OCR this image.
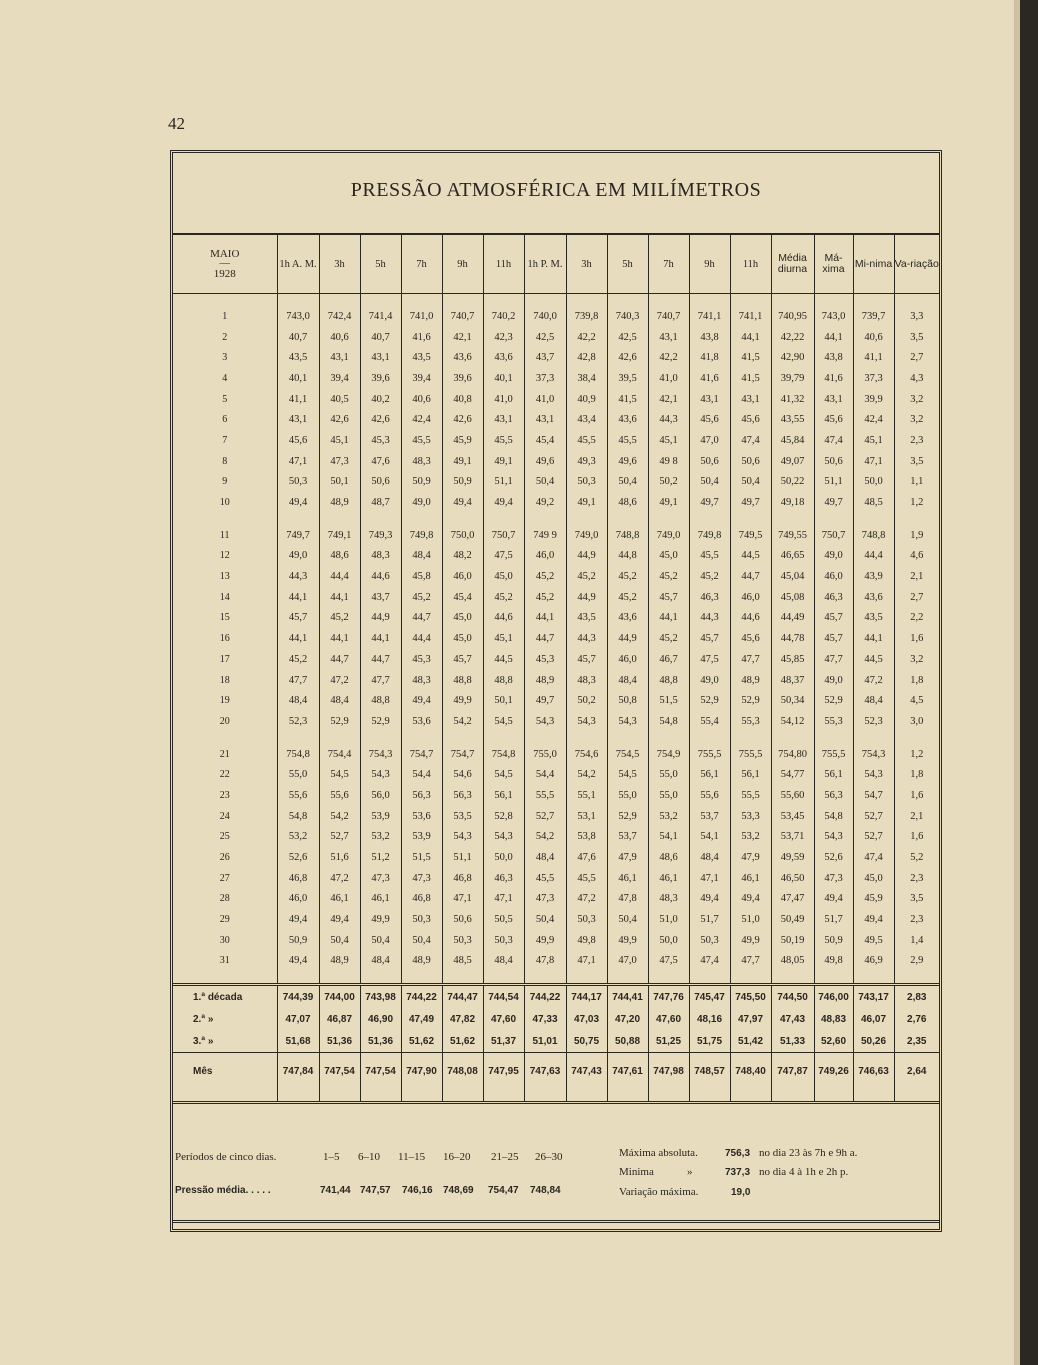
42
PRESSÃO ATMOSFÉRICA EM MILÍMETROS
MAIO
—
1928	1h A. M.	3h	5h	7h	9h	11h	1h P. M.	3h	5h	7h	9h	11h	Média diurna	Má-xima	Mi-nima	Va-riação

1	743,0	742,4	741,4	741,0	740,7	740,2	740,0	739,8	740,3	740,7	741,1	741,1	740,95	743,0	739,7	3,3
2	40,7	40,6	40,7	41,6	42,1	42,3	42,5	42,2	42,5	43,1	43,8	44,1	42,22	44,1	40,6	3,5
3	43,5	43,1	43,1	43,5	43,6	43,6	43,7	42,8	42,6	42,2	41,8	41,5	42,90	43,8	41,1	2,7
4	40,1	39,4	39,6	39,4	39,6	40,1	37,3	38,4	39,5	41,0	41,6	41,5	39,79	41,6	37,3	4,3
5	41,1	40,5	40,2	40,6	40,8	41,0	41,0	40,9	41,5	42,1	43,1	43,1	41,32	43,1	39,9	3,2
6	43,1	42,6	42,6	42,4	42,6	43,1	43,1	43,4	43,6	44,3	45,6	45,6	43,55	45,6	42,4	3,2
7	45,6	45,1	45,3	45,5	45,9	45,5	45,4	45,5	45,5	45,1	47,0	47,4	45,84	47,4	45,1	2,3
8	47,1	47,3	47,6	48,3	49,1	49,1	49,6	49,3	49,6	49 8	50,6	50,6	49,07	50,6	47,1	3,5
9	50,3	50,1	50,6	50,9	50,9	51,1	50,4	50,3	50,4	50,2	50,4	50,4	50,22	51,1	50,0	1,1
10	49,4	48,9	48,7	49,0	49,4	49,4	49,2	49,1	48,6	49,1	49,7	49,7	49,18	49,7	48,5	1,2

11	749,7	749,1	749,3	749,8	750,0	750,7	749 9	749,0	748,8	749,0	749,8	749,5	749,55	750,7	748,8	1,9
12	49,0	48,6	48,3	48,4	48,2	47,5	46,0	44,9	44,8	45,0	45,5	44,5	46,65	49,0	44,4	4,6
13	44,3	44,4	44,6	45,8	46,0	45,0	45,2	45,2	45,2	45,2	45,2	44,7	45,04	46,0	43,9	2,1
14	44,1	44,1	43,7	45,2	45,4	45,2	45,2	44,9	45,2	45,7	46,3	46,0	45,08	46,3	43,6	2,7
15	45,7	45,2	44,9	44,7	45,0	44,6	44,1	43,5	43,6	44,1	44,3	44,6	44,49	45,7	43,5	2,2
16	44,1	44,1	44,1	44,4	45,0	45,1	44,7	44,3	44,9	45,2	45,7	45,6	44,78	45,7	44,1	1,6
17	45,2	44,7	44,7	45,3	45,7	44,5	45,3	45,7	46,0	46,7	47,5	47,7	45,85	47,7	44,5	3,2
18	47,7	47,2	47,7	48,3	48,8	48,8	48,9	48,3	48,4	48,8	49,0	48,9	48,37	49,0	47,2	1,8
19	48,4	48,4	48,8	49,4	49,9	50,1	49,7	50,2	50,8	51,5	52,9	52,9	50,34	52,9	48,4	4,5
20	52,3	52,9	52,9	53,6	54,2	54,5	54,3	54,3	54,3	54,8	55,4	55,3	54,12	55,3	52,3	3,0

21	754,8	754,4	754,3	754,7	754,7	754,8	755,0	754,6	754,5	754,9	755,5	755,5	754,80	755,5	754,3	1,2
22	55,0	54,5	54,3	54,4	54,6	54,5	54,4	54,2	54,5	55,0	56,1	56,1	54,77	56,1	54,3	1,8
23	55,6	55,6	56,0	56,3	56,3	56,1	55,5	55,1	55,0	55,0	55,6	55,5	55,60	56,3	54,7	1,6
24	54,8	54,2	53,9	53,6	53,5	52,8	52,7	53,1	52,9	53,2	53,7	53,3	53,45	54,8	52,7	2,1
25	53,2	52,7	53,2	53,9	54,3	54,3	54,2	53,8	53,7	54,1	54,1	53,2	53,71	54,3	52,7	1,6
26	52,6	51,6	51,2	51,5	51,1	50,0	48,4	47,6	47,9	48,6	48,4	47,9	49,59	52,6	47,4	5,2
27	46,8	47,2	47,3	47,3	46,8	46,3	45,5	45,5	46,1	46,1	47,1	46,1	46,50	47,3	45,0	2,3
28	46,0	46,1	46,1	46,8	47,1	47,1	47,3	47,2	47,8	48,3	49,4	49,4	47,47	49,4	45,9	3,5
29	49,4	49,4	49,9	50,3	50,6	50,5	50,4	50,3	50,4	51,0	51,7	51,0	50,49	51,7	49,4	2,3
30	50,9	50,4	50,4	50,4	50,3	50,3	49,9	49,8	49,9	50,0	50,3	49,9	50,19	50,9	49,5	1,4
31	49,4	48,9	48,4	48,9	48,5	48,4	47,8	47,1	47,0	47,5	47,4	47,7	48,05	49,8	46,9	2,9

1.ª década	744,39	744,00	743,98	744,22	744,47	744,54	744,22	744,17	744,41	747,76	745,47	745,50	744,50	746,00	743,17	2,83
2.ª »	47,07	46,87	46,90	47,49	47,82	47,60	47,33	47,03	47,20	47,60	48,16	47,97	47,43	48,83	46,07	2,76
3.ª »	51,68	51,36	51,36	51,62	51,62	51,37	51,01	50,75	50,88	51,25	51,75	51,42	51,33	52,60	50,26	2,35
Mês	747,84	747,54	747,54	747,90	748,08	747,95	747,63	747,43	747,61	747,98	748,57	748,40	747,87	749,26	746,63	2,64

Períodos de cinco dias.	1–5 6–10 11–15 16–20 21–25 26–30
Pressão média. . . . .	741,44 747,57 746,16 748,69 754,47 748,84
Máxima absoluta.	756,3 no dia 23 às 7h e 9h a.
Minima	»	737,3 no dia 4 à 1h e 2h p.
Variação máxima.	19,0
